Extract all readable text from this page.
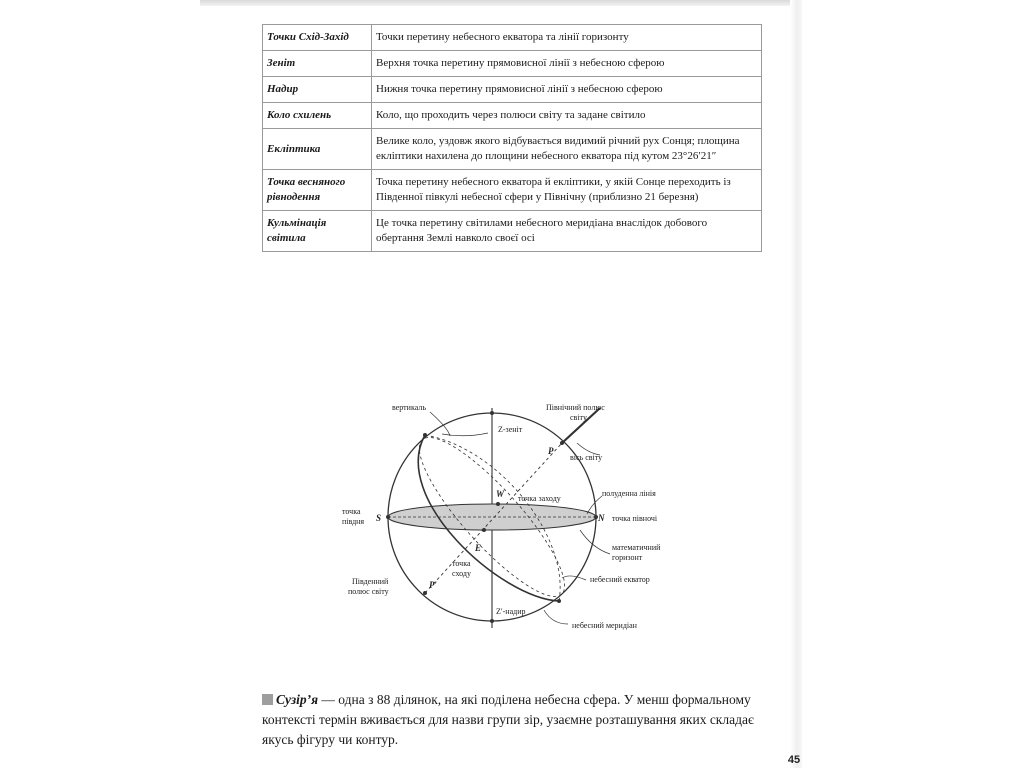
Точки Схід-Захід	Точки перетину небесного екватора та лінії горизонту
Зеніт	Верхня точка перетину прямовисної лінії з небесною сферою
Надир	Нижня точка перетину прямовисної лінії з небесною сферою
Коло схилень	Коло, що проходить через полюси світу та задане світило
Екліптика	Велике коло, уздовж якого відбувається видимий річний рух Сонця; площина екліптики нахилена до площини небесного екватора під кутом 23°26′21″
Точка весняного рівнодення	Точка перетину небесного екватора й екліптики, у якій Сонце переходить із Південної півкулі небесної сфери у Північну (приблизно 21 березня)
Кульмінація світила	Це точка перетину світилами небесного меридіана внаслідок добового обертання Землі навколо своєї осі
вертикаль	Північний полюс
світу
Z-зеніт
P
вісь світу
W точка заходу
полуденна лінія
точка
півдня S	N точка півночі
E	математичний
горизонт
точка
сходу
небесний екватор
Південний
полюс світу
P′
Z′-надир
небесний меридіан
Сузір’я — одна з 88 ділянок, на які поділена небесна сфера. У менш формальному контексті термін вживається для назви групи зір, узаємне розташування яких складає якусь фігуру чи контур.
45
